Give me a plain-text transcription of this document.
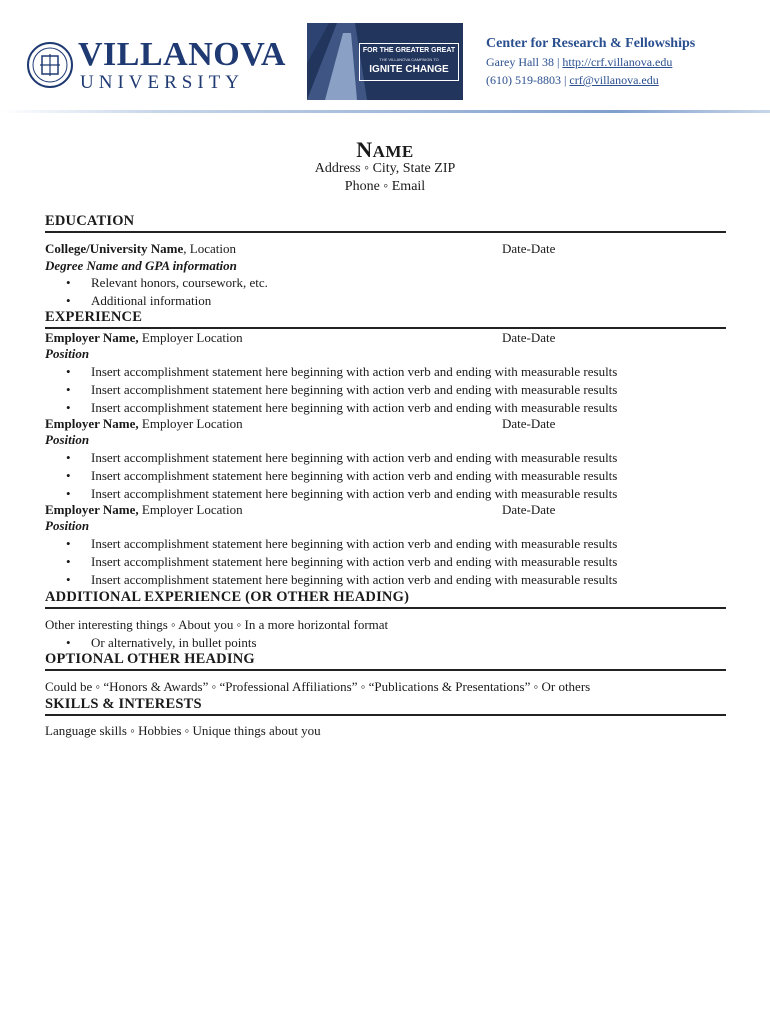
VILLANOVA
UNIVERSITY
FOR THE GREATER GREAT
THE VILLANOVA CAMPAIGN TO
IGNITE CHANGE
Center for Research & Fellowships
Garey Hall 38 | http://crf.villanova.edu
(610) 519-8803 | crf@villanova.edu
NAME
Address ◦ City, State ZIP
Phone ◦ Email
EDUCATION
College/University Name, Location	Date-Date
Degree Name and GPA information
• Relevant honors, coursework, etc.
• Additional information
EXPERIENCE
Employer Name, Employer Location	Date-Date
Position
• Insert accomplishment statement here beginning with action verb and ending with measurable results
• Insert accomplishment statement here beginning with action verb and ending with measurable results
• Insert accomplishment statement here beginning with action verb and ending with measurable results
Employer Name, Employer Location	Date-Date
Position
• Insert accomplishment statement here beginning with action verb and ending with measurable results
• Insert accomplishment statement here beginning with action verb and ending with measurable results
• Insert accomplishment statement here beginning with action verb and ending with measurable results
Employer Name, Employer Location	Date-Date
Position
• Insert accomplishment statement here beginning with action verb and ending with measurable results
• Insert accomplishment statement here beginning with action verb and ending with measurable results
• Insert accomplishment statement here beginning with action verb and ending with measurable results
ADDITIONAL EXPERIENCE (OR OTHER HEADING)
Other interesting things ◦ About you ◦ In a more horizontal format
• Or alternatively, in bullet points
OPTIONAL OTHER HEADING
Could be ◦ “Honors & Awards” ◦ “Professional Affiliations” ◦ “Publications & Presentations” ◦ Or others
SKILLS & INTERESTS
Language skills ◦ Hobbies ◦ Unique things about you
